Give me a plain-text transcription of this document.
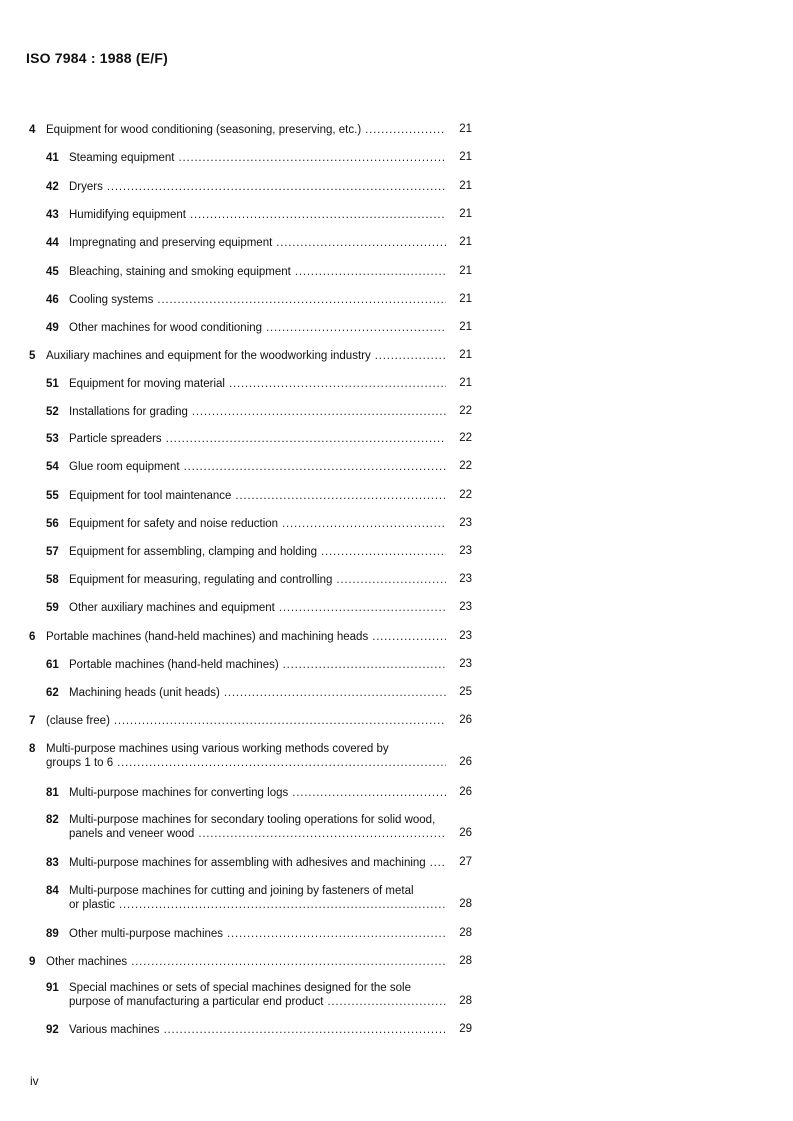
ISO 7984 : 1988 (E/F)
4 Equipment for wood conditioning (seasoning, preserving, etc.) . . .	21
41 Steaming equipment . . .	21
42 Dryers . . .	21
43 Humidifying equipment . . .	21
44 Impregnating and preserving equipment . . .	21
45 Bleaching, staining and smoking equipment . . .	21
46 Cooling systems . . .	21
49 Other machines for wood conditioning . . .	21
5 Auxiliary machines and equipment for the woodworking industry . . .	21
51 Equipment for moving material . . .	21
52 Installations for grading . . .	22
53 Particle spreaders . . .	22
54 Glue room equipment . . .	22
55 Equipment for tool maintenance . . .	22
56 Equipment for safety and noise reduction . . .	23
57 Equipment for assembling, clamping and holding . . .	23
58 Equipment for measuring, regulating and controlling . . .	23
59 Other auxiliary machines and equipment . . .	23
6 Portable machines (hand-held machines) and machining heads . . .	23
61 Portable machines (hand-held machines) . . .	23
62 Machining heads (unit heads) . . .	25
7 (clause free) . . .	26
8 Multi-purpose machines using various working methods covered by
groups 1 to 6 . . .	26
81 Multi-purpose machines for converting logs . . .	26
82 Multi-purpose machines for secondary tooling operations for solid wood,
panels and veneer wood . . .	26
83 Multi-purpose machines for assembling with adhesives and machining . . .	27
84 Multi-purpose machines for cutting and joining by fasteners of metal
or plastic . . .	28
89 Other multi-purpose machines . . .	28
9 Other machines . . .	28
91 Special machines or sets of special machines designed for the sole
purpose of manufacturing a particular end product . . .	28
92 Various machines . . .	29
iv
